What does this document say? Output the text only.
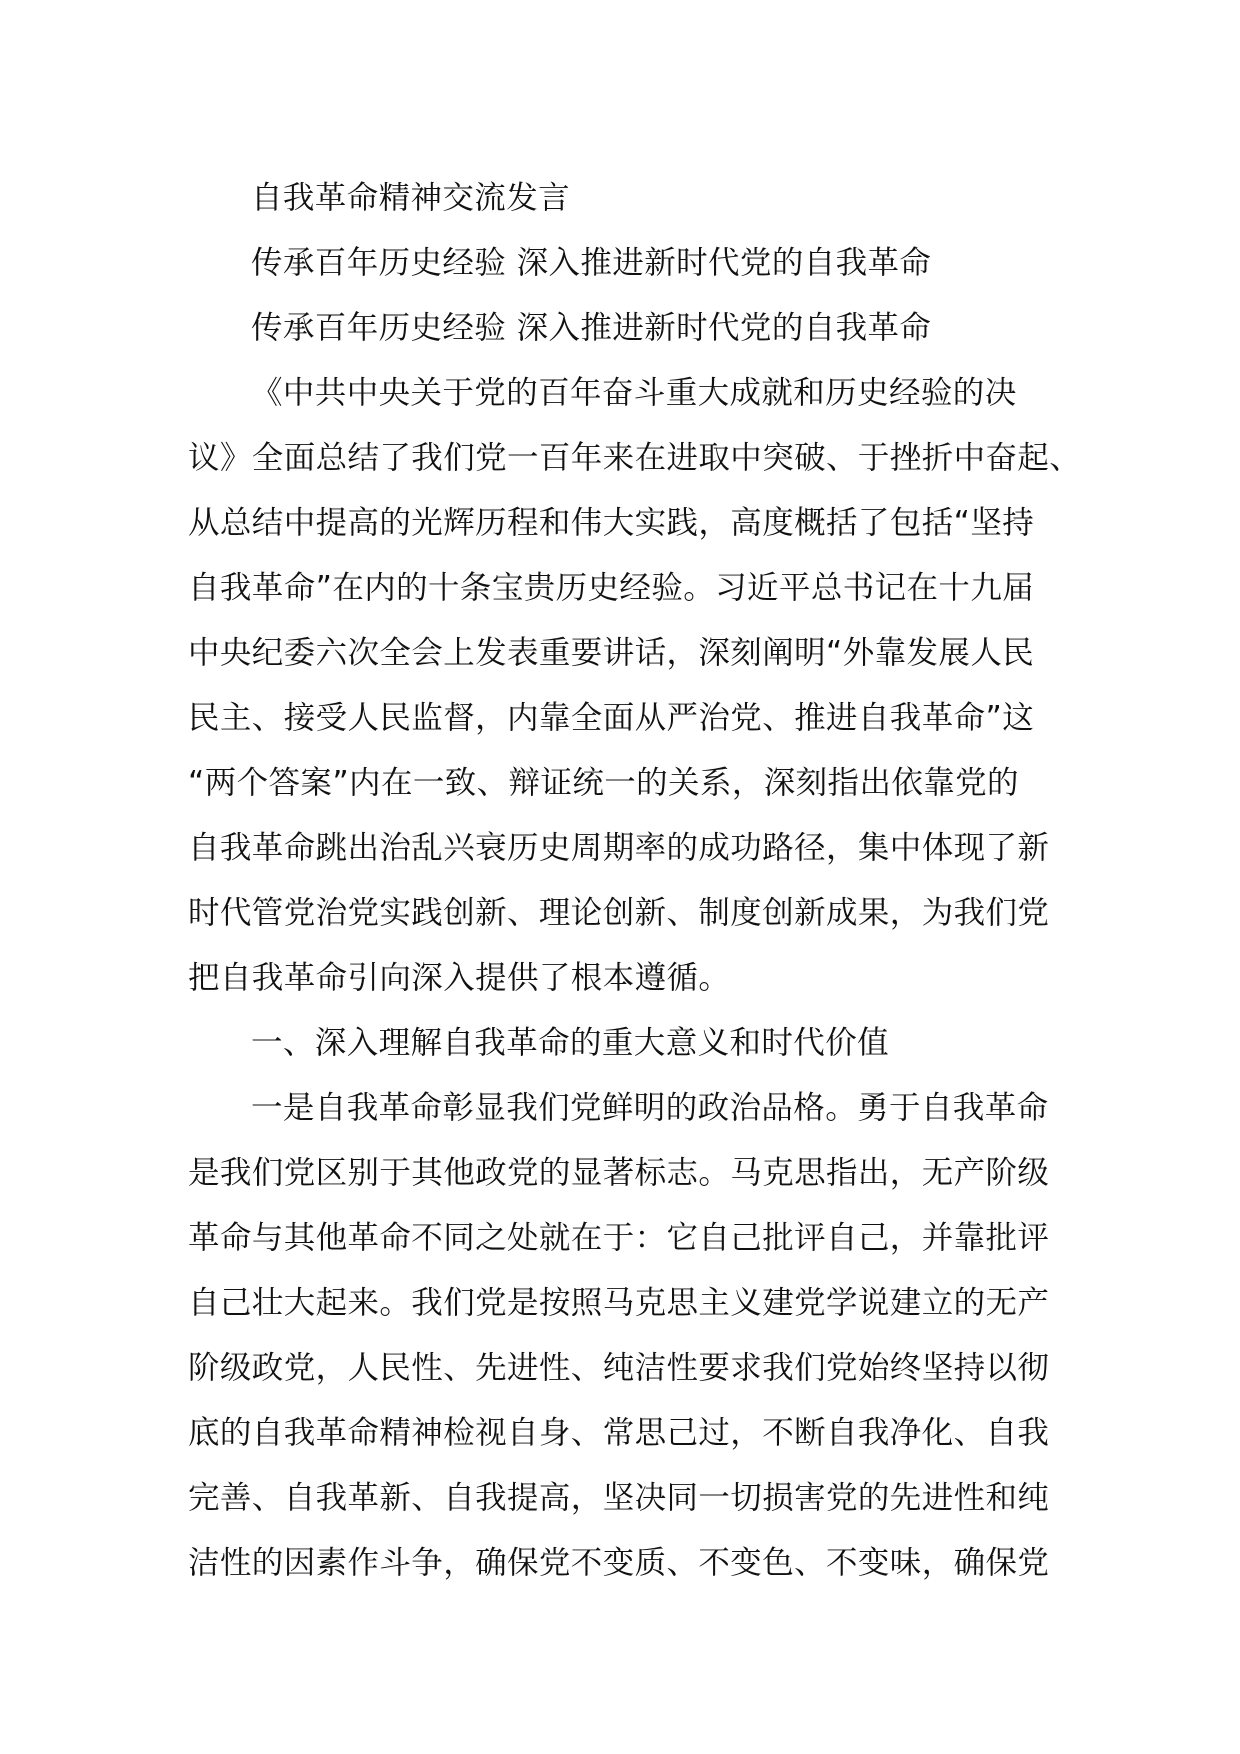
自我革命精神交流发言
传承百年历史经验 深入推进新时代党的自我革命
传承百年历史经验 深入推进新时代党的自我革命
《中共中央关于党的百年奋斗重大成就和历史经验的决
议》全面总结了我们党一百年来在进取中突破、于挫折中奋起、
从总结中提高的光辉历程和伟大实践，高度概括了包括“坚持
自我革命”在内的十条宝贵历史经验。习近平总书记在十九届
中央纪委六次全会上发表重要讲话，深刻阐明“外靠发展人民
民主、接受人民监督，内靠全面从严治党、推进自我革命”这
“两个答案”内在一致、辩证统一的关系，深刻指出依靠党的
自我革命跳出治乱兴衰历史周期率的成功路径，集中体现了新
时代管党治党实践创新、理论创新、制度创新成果，为我们党
把自我革命引向深入提供了根本遵循。
一、深入理解自我革命的重大意义和时代价值
一是自我革命彰显我们党鲜明的政治品格。勇于自我革命
是我们党区别于其他政党的显著标志。马克思指出，无产阶级
革命与其他革命不同之处就在于：它自己批评自己，并靠批评
自己壮大起来。我们党是按照马克思主义建党学说建立的无产
阶级政党，人民性、先进性、纯洁性要求我们党始终坚持以彻
底的自我革命精神检视自身、常思己过，不断自我净化、自我
完善、自我革新、自我提高，坚决同一切损害党的先进性和纯
洁性的因素作斗争，确保党不变质、不变色、不变味，确保党
